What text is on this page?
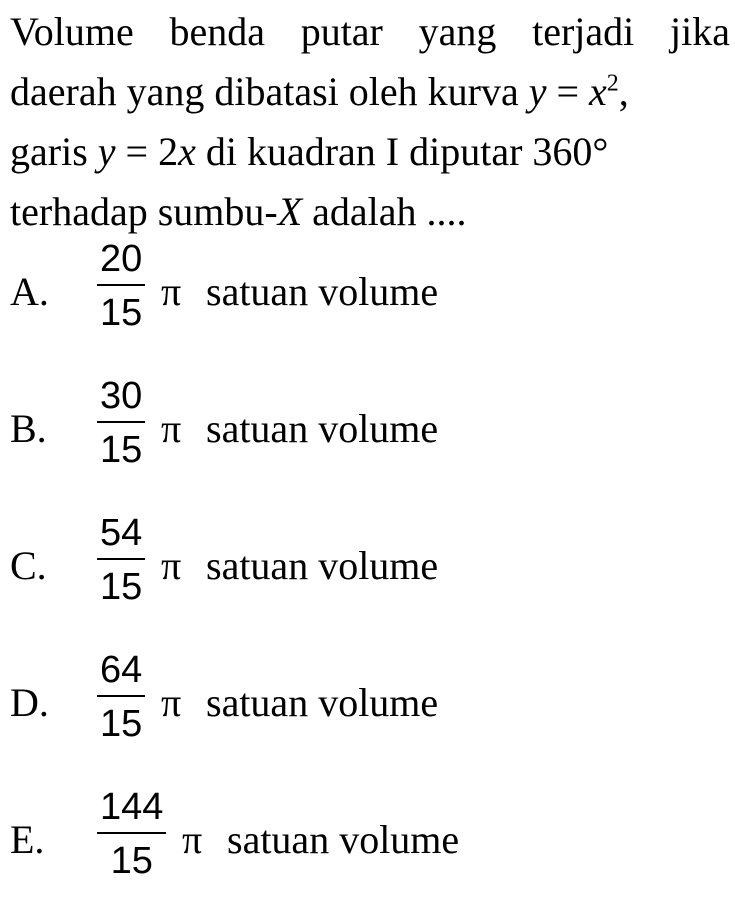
Volume benda putar yang terjadi jika
daerah yang dibatasi oleh kurva $y = x^2$,
garis y = 2x di kuadran I diputar 360°
terhadap sumbu-X adalah ....
A.
20
15 π satuan volume
B.
30
15 π satuan volume
C.
54
15 π satuan volume
D.
64
15 π satuan volume
E.
144
15 π satuan volume
